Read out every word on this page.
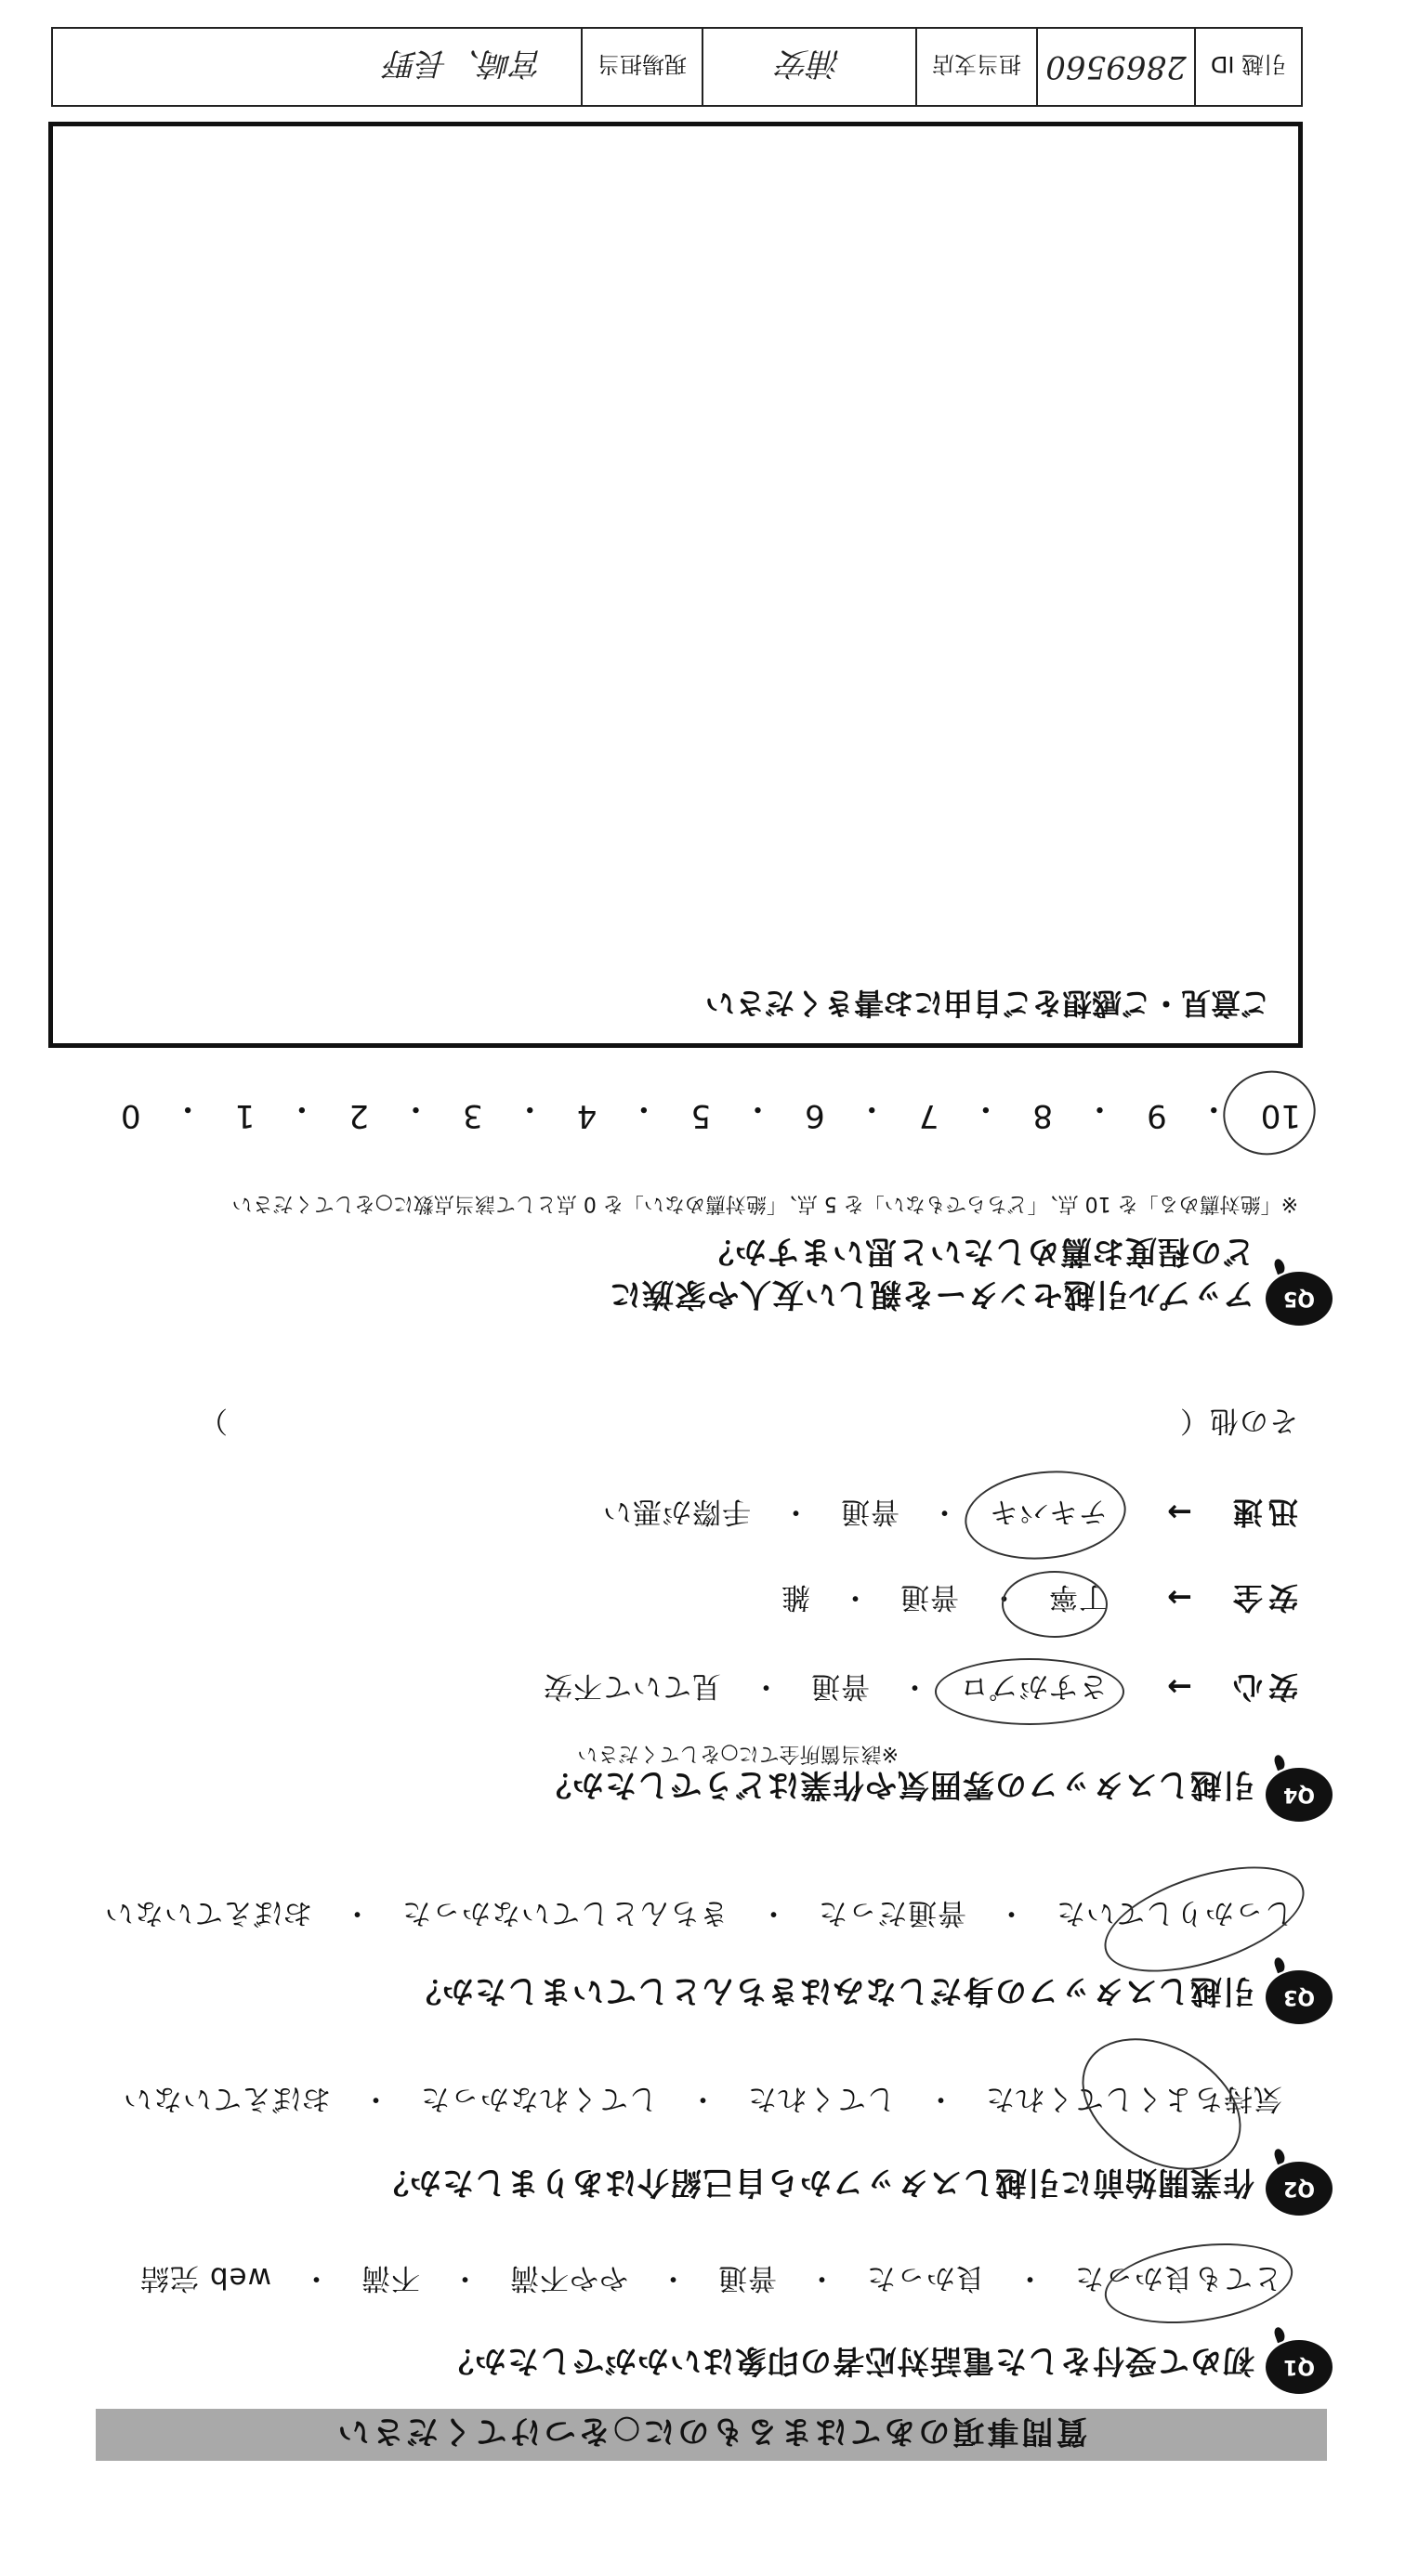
質問事項のあてはまるものに○をつけてください
Q1
初めて受付をした電話対応者の印象はいかがでしたか？
とても良かった　・　良かった　・　普通　・　やや不満　・　不満　・　web 完結
Q2
作業開始前に引越しスタッフから自己紹介はありましたか？
気持ちよくしてくれた　・　してくれた　・　してくれなかった　・　おぼえていない
Q3
引越しスタッフの身だしなみはきちんとしていましたか？
しっかりしていた　・　普通だった　・　きちんとしていなかった　・　おぼえていない
Q4
引越しスタッフの雰囲気や作業はどうでしたか？
※該当箇所全てに○をしてください
安心　→
さすがプロ　・　普通　・　見ていて不安
安全　→
丁寧　・　普通　・　雑
迅速　→
テキパキ　・　普通　・　手際が悪い
その他（　　　　　　　　　　　　　　　　　　　　　　　　　　　　　　　　）
Q5
アップル引越センターを親しい友人や家族に
どの程度お薦めしたいと思いますか？
※「絶対薦める」を 10 点、「どちらでもない」を 5 点、「絶対薦めない」を 0 点として該当点数に○をしてください
10
・
9
・
8
・
7
・
6
・
5
・
4
・
3
・
2
・
1
・
0
ご意見・ご感想をご自由にお書きください
引越 ID
2869560
担当支店
浦安
現場担当
宮崎、長野
